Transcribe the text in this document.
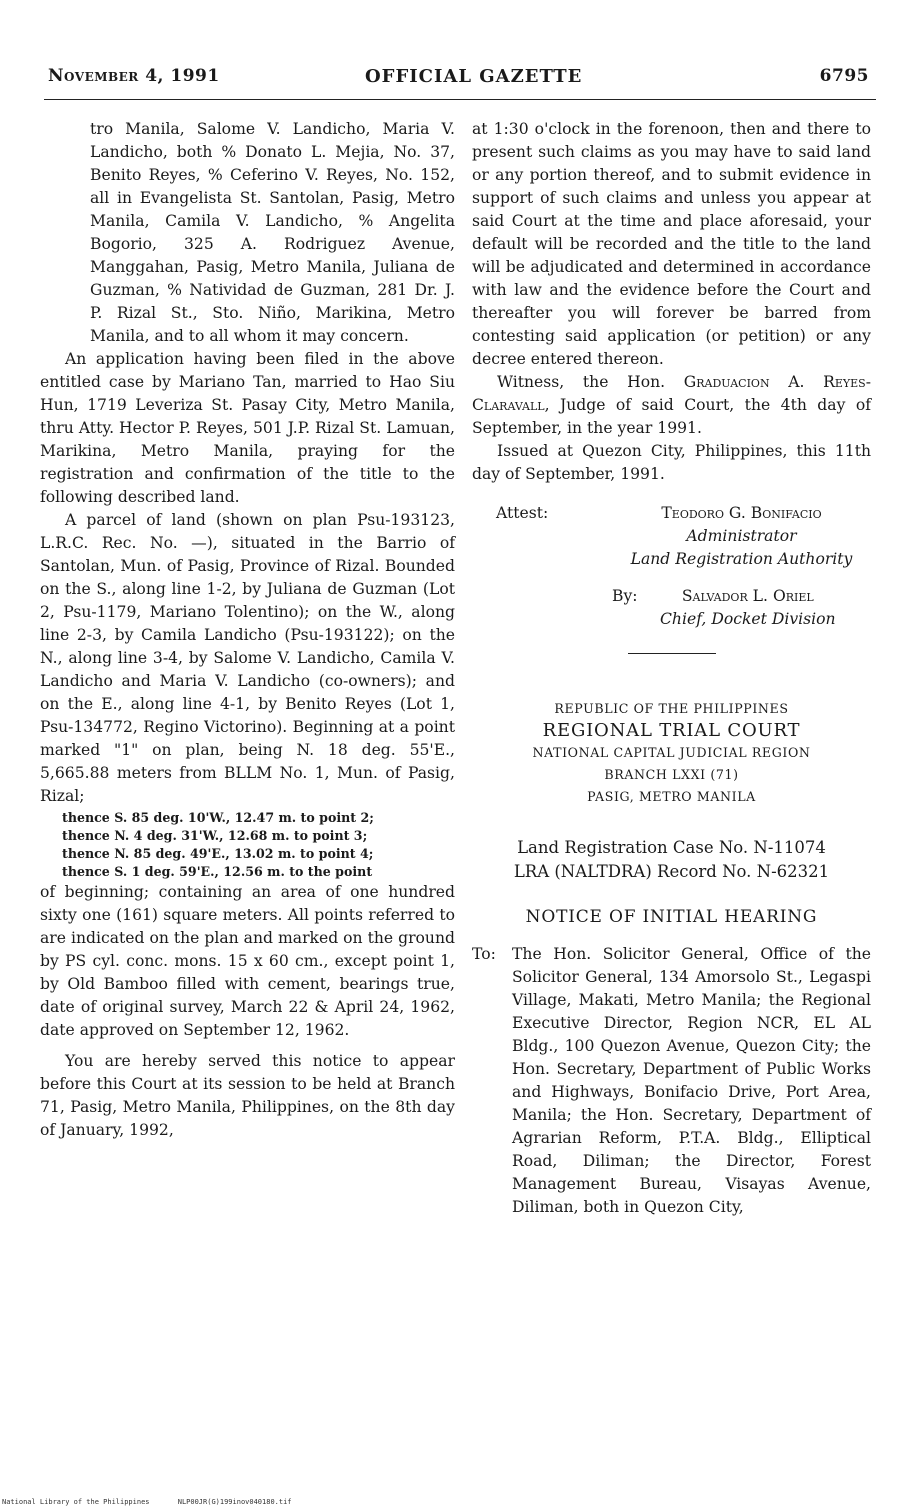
November 4, 1991	OFFICIAL GAZETTE	6795

tro Manila, Salome V. Landicho, Maria V. Landicho, both % Donato L. Mejia, No. 37, Benito Reyes, % Ceferino V. Reyes, No. 152, all in Evangelista St. Santolan, Pasig, Metro Manila, Camila V. Landicho, % Angelita Bogorio, 325 A. Rodriguez Avenue, Manggahan, Pasig, Metro Manila, Juliana de Guzman, % Natividad de Guzman, 281 Dr. J. P. Rizal St., Sto. Niño, Marikina, Metro Manila, and to all whom it may concern.

An application having been filed in the above entitled case by Mariano Tan, married to Hao Siu Hun, 1719 Leveriza St. Pasay City, Metro Manila, thru Atty. Hector P. Reyes, 501 J.P. Rizal St. Lamuan, Marikina, Metro Manila, praying for the registration and confirmation of the title to the following described land.

A parcel of land (shown on plan Psu-193123, L.R.C. Rec. No. —), situated in the Barrio of Santolan, Mun. of Pasig, Province of Rizal. Bounded on the S., along line 1-2, by Juliana de Guzman (Lot 2, Psu-1179, Mariano Tolentino); on the W., along line 2-3, by Camila Landicho (Psu-193122); on the N., along line 3-4, by Salome V. Landicho, Camila V. Landicho and Maria V. Landicho (co-owners); and on the E., along line 4-1, by Benito Reyes (Lot 1, Psu-134772, Regino Victorino). Beginning at a point marked "1" on plan, being N. 18 deg. 55'E., 5,665.88 meters from BLLM No. 1, Mun. of Pasig, Rizal;

thence S. 85 deg. 10'W., 12.47 m. to point 2;

thence N. 4 deg. 31'W., 12.68 m. to point 3;

thence N. 85 deg. 49'E., 13.02 m. to point 4;

thence S. 1 deg. 59'E., 12.56 m. to the point

of beginning; containing an area of one hundred sixty one (161) square meters. All points referred to are indicated on the plan and marked on the ground by PS cyl. conc. mons. 15 x 60 cm., except point 1, by Old Bamboo filled with cement, bearings true, date of original survey, March 22 & April 24, 1962, date approved on September 12, 1962.

You are hereby served this notice to appear before this Court at its session to be held at Branch 71, Pasig, Metro Manila, Philippines, on the 8th day of January, 1992,

at 1:30 o'clock in the forenoon, then and there to present such claims as you may have to said land or any portion thereof, and to submit evidence in support of such claims and unless you appear at said Court at the time and place aforesaid, your default will be recorded and the title to the land will be adjudicated and determined in accordance with law and the evidence before the Court and thereafter you will forever be barred from contesting said application (or petition) or any decree entered thereon.

Witness, the Hon. Graduacion A. Reyes-Claravall, Judge of said Court, the 4th day of September, in the year 1991.

Issued at Quezon City, Philippines, this 11th day of September, 1991.

Attest:	Teodoro G. Bonifacio
Administrator
Land Registration Authority
By:	Salvador L. Oriel
Chief, Docket Division
REPUBLIC OF THE PHILIPPINES
REGIONAL TRIAL COURT
NATIONAL CAPITAL JUDICIAL REGION
BRANCH LXXI (71)
PASIG, METRO MANILA
Land Registration Case No. N-11074
LRA (NALTDRA) Record No. N-62321
NOTICE OF INITIAL HEARING
To:	The Hon. Solicitor General, Office of the Solicitor General, 134 Amorsolo St., Legaspi Village, Makati, Metro Manila; the Regional Executive Director, Region NCR, EL AL Bldg., 100 Quezon Avenue, Quezon City; the Hon. Secretary, Department of Public Works and Highways, Bonifacio Drive, Port Area, Manila; the Hon. Secretary, Department of Agrarian Reform, P.T.A. Bldg., Elliptical Road, Diliman; the Director, Forest Management Bureau, Visayas Avenue, Diliman, both in Quezon City,
National Library of the Philippines	NLP00JR(G)199inov040180.tif
